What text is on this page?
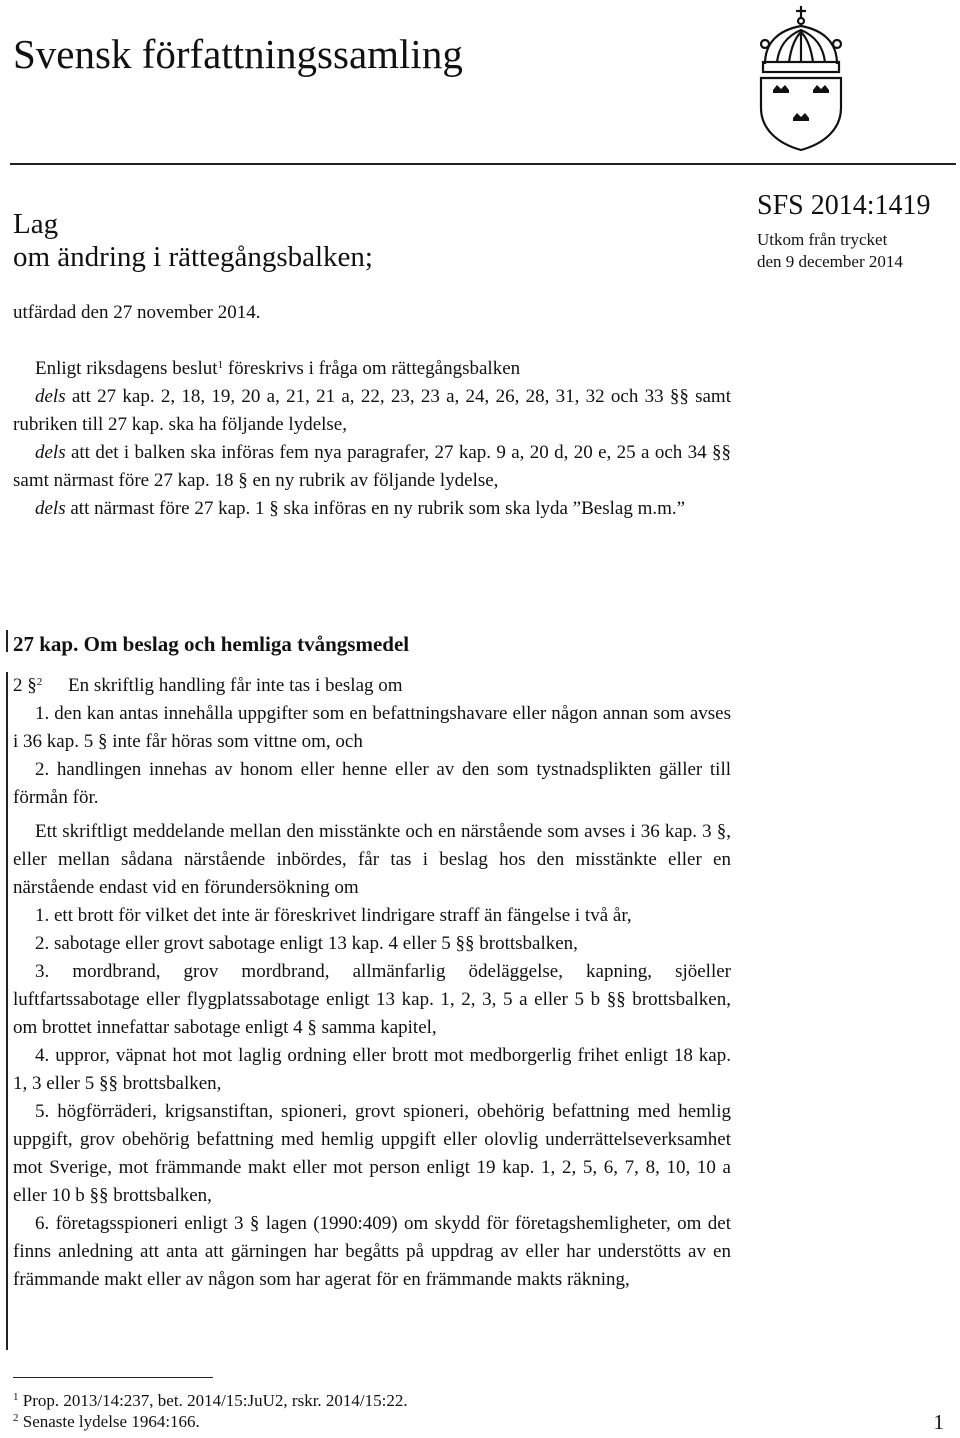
Svensk författningssamling
Lag
om ändring i rättegångsbalken;
SFS 2014:1419
Utkom från trycket
den 9 december 2014
utfärdad den 27 november 2014.

Enligt riksdagens beslut$^1$ föreskrivs i fråga om rättegångsbalken

dels att 27 kap. 2, 18, 19, 20 a, 21, 21 a, 22, 23, 23 a, 24, 26, 28, 31, 32 och 33 §§ samt rubriken till 27 kap. ska ha följande lydelse,

dels att det i balken ska införas fem nya paragrafer, 27 kap. 9 a, 20 d, 20 e, 25 a och 34 §§ samt närmast före 27 kap. 18 § en ny rubrik av följande lydelse,

dels att närmast före 27 kap. 1 § ska införas en ny rubrik som ska lyda ”Beslag m.m.”

27 kap. Om beslag och hemliga tvångsmedel

2 §$^2$ En skriftlig handling får inte tas i beslag om

1. den kan antas innehålla uppgifter som en befattningshavare eller någon annan som avses i 36 kap. 5 § inte får höras som vittne om, och

2. handlingen innehas av honom eller henne eller av den som tystnadsplikten gäller till förmån för.

Ett skriftligt meddelande mellan den misstänkte och en närstående som avses i 36 kap. 3 §, eller mellan sådana närstående inbördes, får tas i beslag hos den misstänkte eller en närstående endast vid en förundersökning om

1. ett brott för vilket det inte är föreskrivet lindrigare straff än fängelse i två år,

2. sabotage eller grovt sabotage enligt 13 kap. 4 eller 5 §§ brottsbalken,

3. mordbrand, grov mordbrand, allmänfarlig ödeläggelse, kapning, sjöeller luftfartssabotage eller flygplatssabotage enligt 13 kap. 1, 2, 3, 5 a eller 5 b §§ brottsbalken, om brottet innefattar sabotage enligt 4 § samma kapitel,

4. uppror, väpnat hot mot laglig ordning eller brott mot medborgerlig frihet enligt 18 kap. 1, 3 eller 5 §§ brottsbalken,

5. högförräderi, krigsanstiftan, spioneri, grovt spioneri, obehörig befattning med hemlig uppgift, grov obehörig befattning med hemlig uppgift eller olovlig underrättelseverksamhet mot Sverige, mot främmande makt eller mot person enligt 19 kap. 1, 2, 5, 6, 7, 8, 10, 10 a eller 10 b §§ brottsbalken,

6. företagsspioneri enligt 3 § lagen (1990:409) om skydd för företagshemligheter, om det finns anledning att anta att gärningen har begåtts på uppdrag av eller har understötts av en främmande makt eller av någon som har agerat för en främmande makts räkning,

$^1$ Prop. 2013/14:237, bet. 2014/15:JuU2, rskr. 2014/15:22.
$^2$ Senaste lydelse 1964:166.	1
